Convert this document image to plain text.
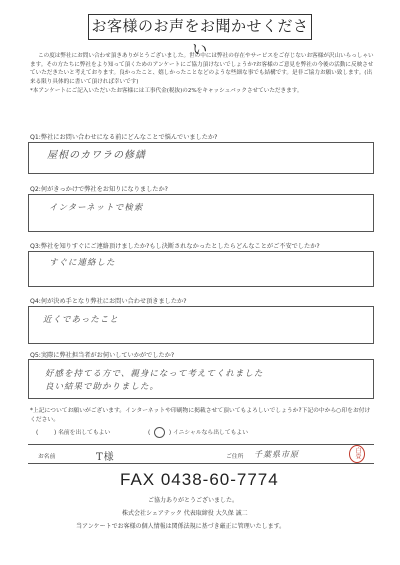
お客様のお声をお聞かせください
この度は弊社にお問い合わせ頂きありがとうございました。世の中には弊社の存在やサービスをご存じないお客様が沢山いらっしゃいます。その方たちに弊社をより知って頂くためのアンケートにご協力頂けないでしょうか?お客様のご意見を弊社の今後の活動に反映させていただきたいと考えております。良かったこと、嬉しかったことなどのような些細な事でも結構です。是非ご協力お願い致します。(出来る限り具体的に書いて頂ければ幸いです)
*本アンケートにご記入いただいたお客様には工事代金(税抜)の2%をキャッシュバックさせていただきます。
Q1:弊社にお問い合わせになる前にどんなことで悩んでいましたか?
屋根のカワラの修繕
Q2:何がきっかけで弊社をお知りになりましたか?
インターネットで検索
Q3:弊社を知りすぐにご連絡頂けましたか?もし決断されなかったとしたらどんなことがご不安でしたか?
すぐに連絡した
Q4:何が決め手となり弊社にお問い合わせ頂きましたか?
近くであったこと
Q5:実際に弊社担当者がお伺いしていかがでしたか?
好感を持てる方で、親身になって考えてくれました
良い結果で助かりました。
*上記についてお願いがございます。インターネットや印刷物に掲載させて頂いてもよろしいでしょうか?下記の中から○印をお付けください。
(	) 名前を出してもよい	(	) イニシャルなら出してもよい
お名前	T様	ご住所 千葉県市原	白畳
FAX 0438-60-7774
ご協力ありがとうございました。
株式会社シェアテック 代表取締役 大久保 誠二
当アンケートでお客様の個人情報は関係法規に基づき厳正に管理いたします。
